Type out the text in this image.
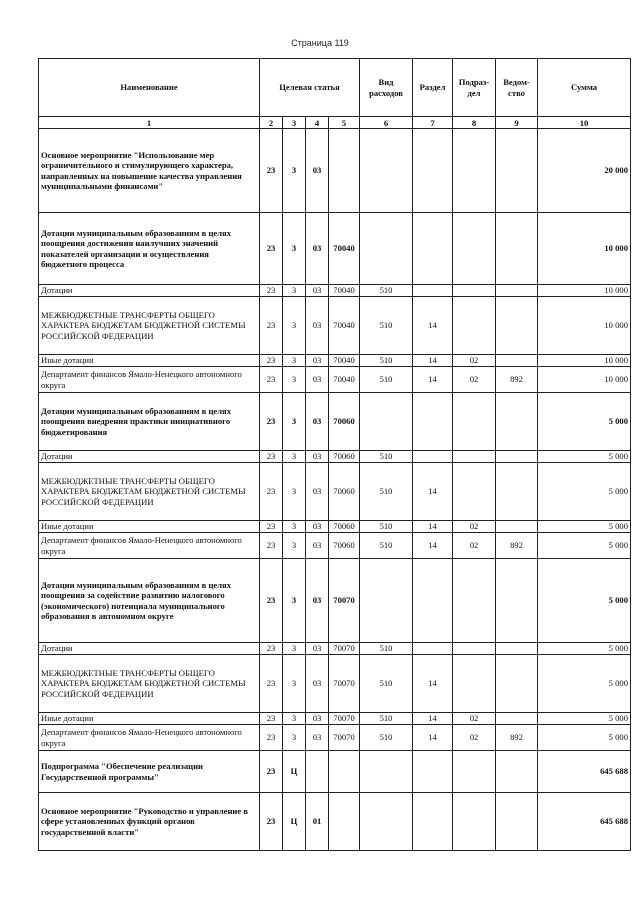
Страница 119
Наименование	Целевая статья				Вид расходов	Раздел	Подраз-дел	Ведом-ство	Сумма
1	2	3	4	5	6	7	8	9	10
Основное мероприятие "Использование мер ограничительного и стимулирующего характера, направленных на повышение качества управления муниципальными финансами"	23	3	03						20 000
Дотации муниципальным образованиям в целях поощрения достижения наилучших значений показателей организации и осуществления бюджетного процесса	23	3	03	70040					10 000
Дотации	23	3	03	70040	510				10 000
МЕЖБЮДЖЕТНЫЕ ТРАНСФЕРТЫ ОБЩЕГО ХАРАКТЕРА БЮДЖЕТАМ БЮДЖЕТНОЙ СИСТЕМЫ РОССИЙСКОЙ ФЕДЕРАЦИИ	23	3	03	70040	510	14			10 000
Иные дотации	23	3	03	70040	510	14	02		10 000
Департамент финансов Ямало-Ненецкого автономного округа	23	3	03	70040	510	14	02	892	10 000
Дотации муниципальным образованиям в целях поощрения внедрения практики инициативного бюджетирования	23	3	03	70060					5 000
Дотации	23	3	03	70060	510				5 000
МЕЖБЮДЖЕТНЫЕ ТРАНСФЕРТЫ ОБЩЕГО ХАРАКТЕРА БЮДЖЕТАМ БЮДЖЕТНОЙ СИСТЕМЫ РОССИЙСКОЙ ФЕДЕРАЦИИ	23	3	03	70060	510	14			5 000
Иные дотации	23	3	03	70060	510	14	02		5 000
Департамент финансов Ямало-Ненецкого автономного округа	23	3	03	70060	510	14	02	892	5 000
Дотации муниципальным образованиям в целях поощрения за содействие развитию налогового (экономического) потенциала муниципального образования в автономном округе	23	3	03	70070					5 000
Дотации	23	3	03	70070	510				5 000
МЕЖБЮДЖЕТНЫЕ ТРАНСФЕРТЫ ОБЩЕГО ХАРАКТЕРА БЮДЖЕТАМ БЮДЖЕТНОЙ СИСТЕМЫ РОССИЙСКОЙ ФЕДЕРАЦИИ	23	3	03	70070	510	14			5 000
Иные дотации	23	3	03	70070	510	14	02		5 000
Департамент финансов Ямало-Ненецкого автономного округа	23	3	03	70070	510	14	02	892	5 000
Подпрограмма "Обеспечение реализации Государственной программы"	23	Ц							645 688
Основное мероприятие "Руководство и управление в сфере установленных функций органов государственной власти"	23	Ц	01						645 688
